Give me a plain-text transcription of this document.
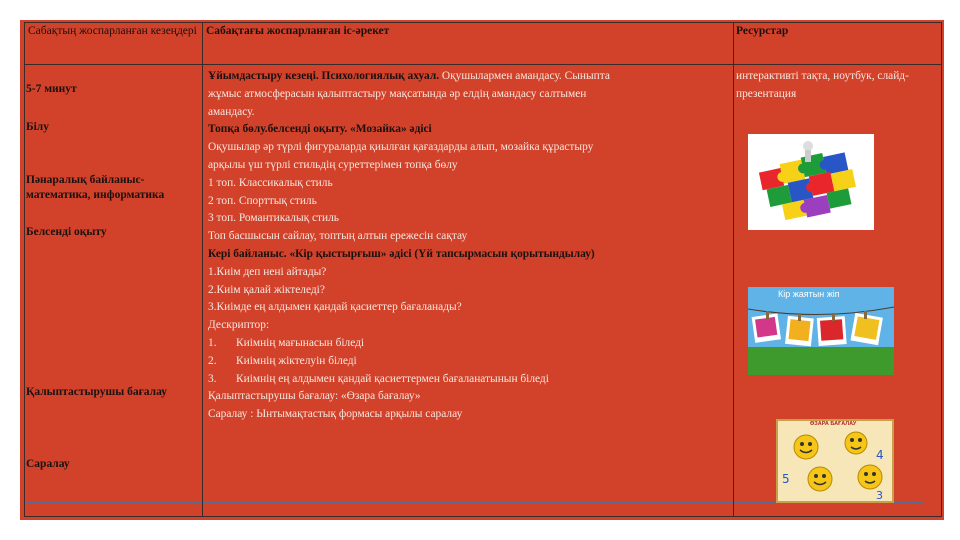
Сабақтың жоспарланған кезеңдері Сабақтағы жоспарланған іс-әрекет	Ресурстар
5-7 минут
Білу
Пәнаралық байланыс-математика, информатика
Белсенді оқыту
Қалыптастырушы бағалау
Саралау
Ұйымдастыру кезеңі. Психологиялық ахуал. Оқушылармен амандасу. Сыныпта
жұмыс атмосферасын қалыптастыру мақсатында әр елдің амандасу салтымен
амандасу.
Топқа бөлу.белсенді оқыту. «Мозайка» әдісі
Оқушылар әр түрлі фигураларда қиылған қағаздарды алып, мозайка құрастыру
арқылы үш түрлі стильдің суреттерімен топқа бөлу
1 топ. Классикалық стиль
2 топ. Спорттық стиль
3 топ. Романтикалық стиль
Топ басшысын сайлау, топтың алтын ережесін сақтау
Кері байланыс. «Кір қыстырғыш» әдісі (Үй тапсырмасын қорытындылау)
1.Киім деп нені айтады?
2.Киім қалай жіктеледі?
3.Киімде ең алдымен қандай қасиеттер бағаланады?
Дескриптор:
1. Киімнің мағынасын біледі
2. Киімнің жіктелуін біледі
3. Киімнің ең алдымен қандай қасиеттермен бағаланатынын біледі
Қалыптастырушы бағалау: «Өзара бағалау»
Саралау : Ынтымақтастық формасы арқылы саралау
интерактивті тақта, ноутбук, слайд-презентация
Кір жаятын жіп
ӨЗАРА БАҒАЛАУ
5
4
3
